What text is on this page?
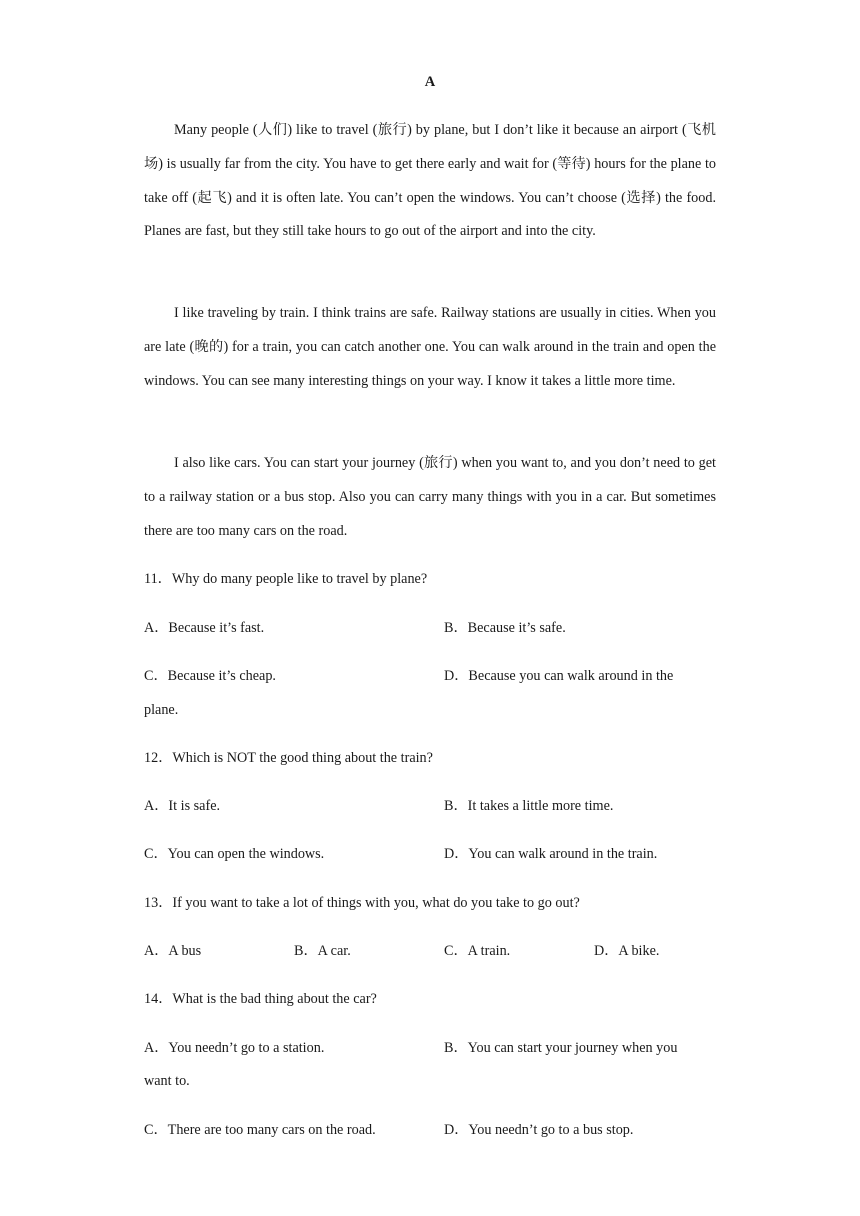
A

Many people (人们) like to travel (旅行) by plane, but I don’t like it because an airport (飞机场) is usually far from the city. You have to get there early and wait for (等待) hours for the plane to take off (起飞) and it is often late. You can’t open the windows. You can’t choose (选择) the food. Planes are fast, but they still take hours to go out of the airport and into the city.

I like traveling by train. I think trains are safe. Railway stations are usually in cities. When you are late (晚的) for a train, you can catch another one. You can walk around in the train and open the windows. You can see many interesting things on your way. I know it takes a little more time.

I also like cars. You can start your journey (旅行) when you want to, and you don’t need to get to a railway station or a bus stop. Also you can carry many things with you in a car. But sometimes there are too many cars on the road.

11．Why do many people like to travel by plane?
A．Because it’s fast.	B．Because it’s safe.
C．Because it’s cheap.	D．Because you can walk around in the
plane.
12．Which is NOT the good thing about the train?
A．It is safe.	B．It takes a little more time.
C．You can open the windows.	D．You can walk around in the train.
13．If you want to take a lot of things with you, what do you take to go out?
A．A bus	B．A car.	C．A train.	D．A bike.
14．What is the bad thing about the car?
A．You needn’t go to a station.	B．You can start your journey when you
want to.
C．There are too many cars on the road.	D．You needn’t go to a bus stop.
